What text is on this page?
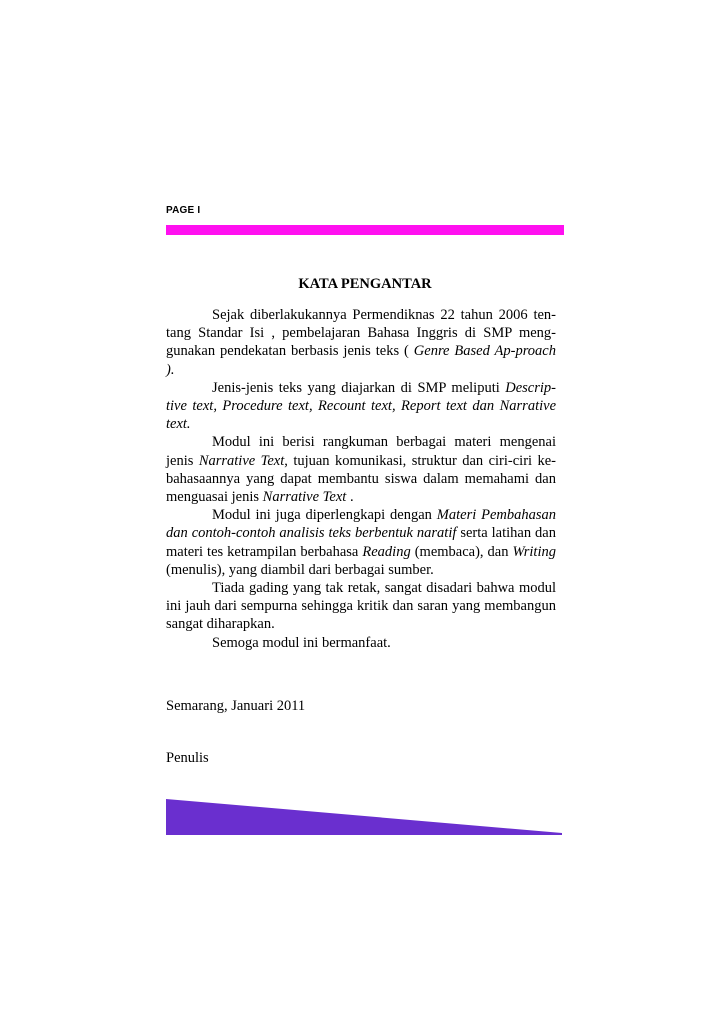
PAGE I
KATA PENGANTAR

Sejak diberlakukannya Permendiknas 22 tahun 2006 ten-tang Standar Isi , pembelajaran Bahasa Inggris di SMP meng-gunakan pendekatan berbasis jenis teks ( Genre Based Ap-proach ).

Jenis-jenis teks yang diajarkan di SMP meliputi Descrip-tive text, Procedure text, Recount text, Report text dan Narrative text.

Modul ini berisi rangkuman berbagai materi mengenai jenis Narrative Text, tujuan komunikasi, struktur dan ciri-ciri ke-bahasaannya yang dapat membantu siswa dalam memahami dan menguasai jenis Narrative Text .

Modul ini juga diperlengkapi dengan Materi Pembahasan dan contoh-contoh analisis teks berbentuk naratif serta latihan dan materi tes ketrampilan berbahasa Reading (membaca), dan Writing (menulis), yang diambil dari berbagai sumber.

Tiada gading yang tak retak, sangat disadari bahwa modul ini jauh dari sempurna sehingga kritik dan saran yang membangun sangat diharapkan.

Semoga modul ini bermanfaat.

Semarang, Januari 2011

Penulis
